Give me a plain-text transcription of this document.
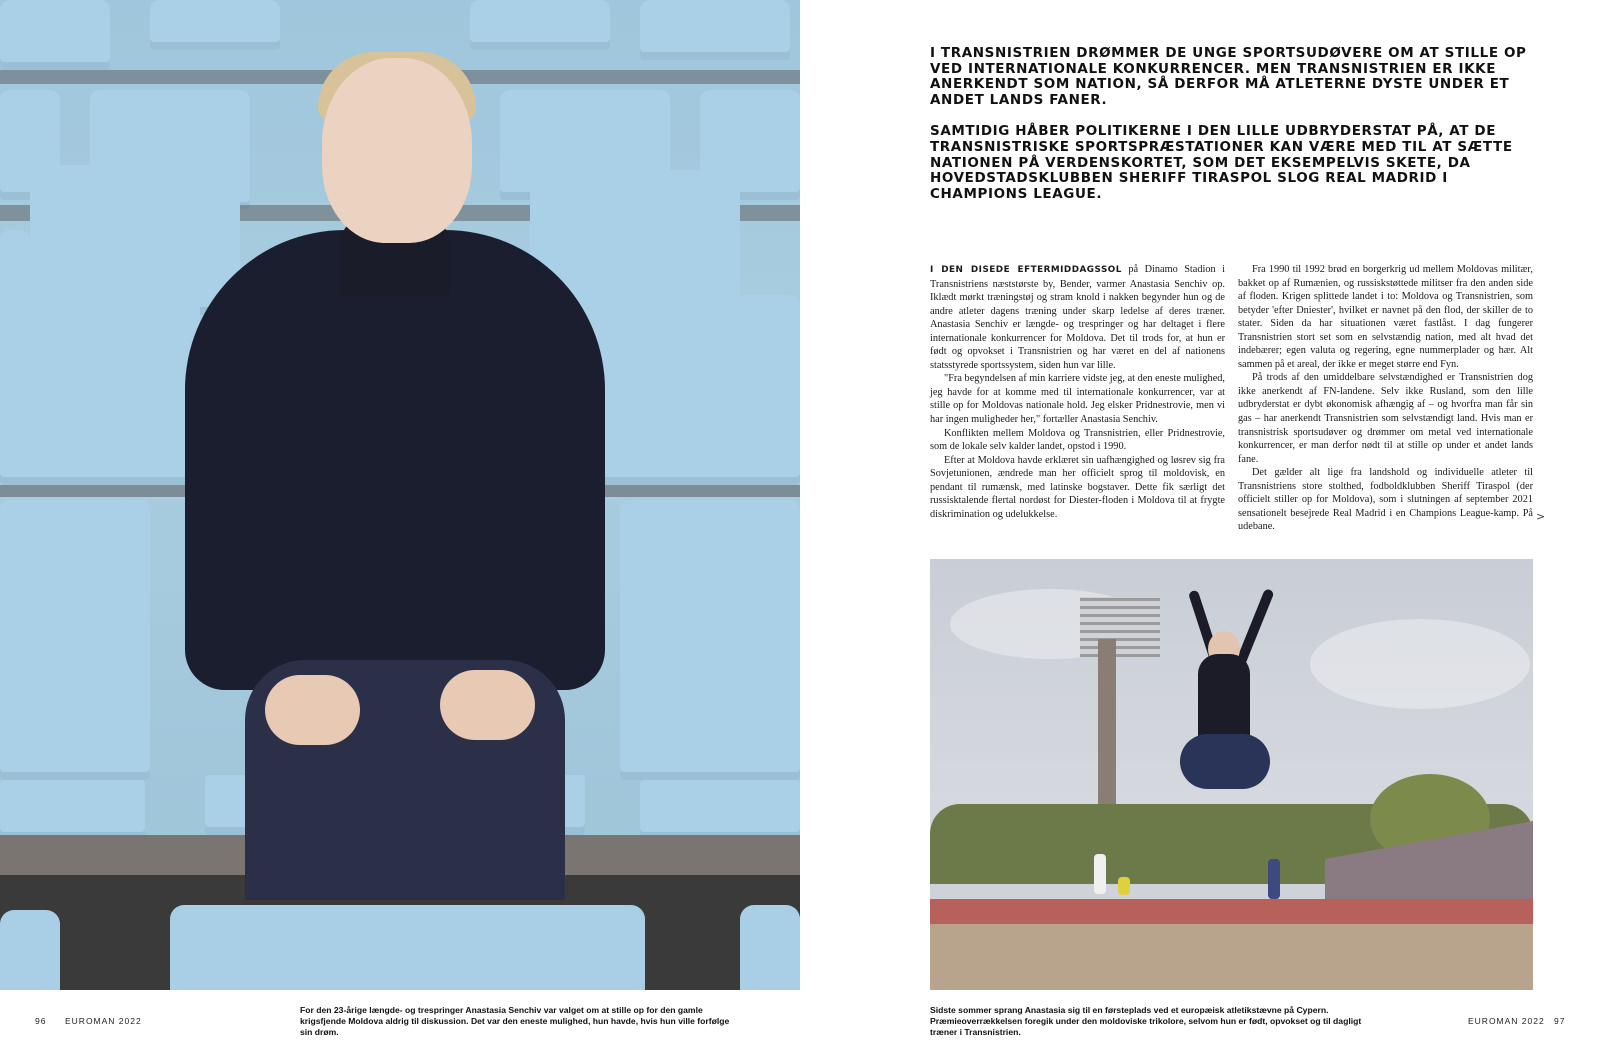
I TRANSNISTRIEN DRØMMER DE UNGE SPORTSUDØVERE OM AT STILLE OP VED INTERNATIONALE KONKURRENCER. MEN TRANSNISTRIEN ER IKKE ANERKENDT SOM NATION, SÅ DERFOR MÅ ATLETERNE DYSTE UNDER ET ANDET LANDS FANER.

SAMTIDIG HÅBER POLITIKERNE I DEN LILLE UDBRYDERSTAT PÅ, AT DE TRANSNISTRISKE SPORTSPRÆSTATIONER KAN VÆRE MED TIL AT SÆTTE NATIONEN PÅ VERDENSKORTET, SOM DET EKSEMPELVIS SKETE, DA HOVEDSTADSKLUBBEN SHERIFF TIRASPOL SLOG REAL MADRID I CHAMPIONS LEAGUE.

I DEN DISEDE EFTERMIDDAGSSOL på Dinamo Stadion i Transnistriens næststørste by, Bender, varmer Anastasia Senchiv op. Iklædt mørkt træningstøj og stram knold i nakken begynder hun og de andre atleter dagens træning under skarp ledelse af deres træner. Anastasia Senchiv er længde- og trespringer og har deltaget i flere internationale konkurrencer for Moldova. Det til trods for, at hun er født og opvokset i Transnistrien og har været en del af nationens statsstyrede sportssystem, siden hun var lille.

"Fra begyndelsen af min karriere vidste jeg, at den eneste mulighed, jeg havde for at komme med til internationale konkurrencer, var at stille op for Moldovas nationale hold. Jeg elsker Pridnestrovie, men vi har ingen muligheder her," fortæller Anastasia Senchiv.

Konflikten mellem Moldova og Transnistrien, eller Pridnestrovie, som de lokale selv kalder landet, opstod i 1990.

Efter at Moldova havde erklæret sin uafhængighed og løsrev sig fra Sovjetunionen, ændrede man her officielt sprog til moldovisk, en pendant til rumænsk, med latinske bogstaver. Dette fik særligt det russisktalende flertal nordøst for Diester-floden i Moldova til at frygte diskrimination og udelukkelse.

Fra 1990 til 1992 brød en borgerkrig ud mellem Moldovas militær, bakket op af Rumænien, og russiskstøttede militser fra den anden side af floden. Krigen splittede landet i to: Moldova og Transnistrien, som betyder 'efter Dniester', hvilket er navnet på den flod, der skiller de to stater. Siden da har situationen været fastlåst. I dag fungerer Transnistrien stort set som en selvstændig nation, med alt hvad det indebærer; egen valuta og regering, egne nummerplader og hær. Alt sammen på et areal, der ikke er meget større end Fyn.

På trods af den umiddelbare selvstændighed er Transnistrien dog ikke anerkendt af FN-landene. Selv ikke Rusland, som den lille udbryderstat er dybt økonomisk afhængig af – og hvorfra man får sin gas – har anerkendt Transnistrien som selvstændigt land. Hvis man er transnistrisk sportsudøver og drømmer om metal ved internationale konkurrencer, er man derfor nødt til at stille op under et andet lands fane.

Det gælder alt lige fra landshold og individuelle atleter til Transnistriens store stolthed, fodboldklubben Sheriff Tiraspol (der officielt stiller op for Moldova), som i slutningen af september 2021 sensationelt besejrede Real Madrid i en Champions League-kamp. På udebane.

>
For den 23-årige længde- og trespringer Anastasia Senchiv var valget om at stille op for den gamle krigsfjende Moldova aldrig til diskussion. Det var den eneste mulighed, hun havde, hvis hun ville forfølge sin drøm.
Sidste sommer sprang Anastasia sig til en førsteplads ved et europæisk atletikstævne på Cypern. Præmieoverrækkelsen foregik under den moldoviske trikolore, selvom hun er født, opvokset og til dagligt træner i Transnistrien.
96 EUROMAN 2022	EUROMAN 2022 97
